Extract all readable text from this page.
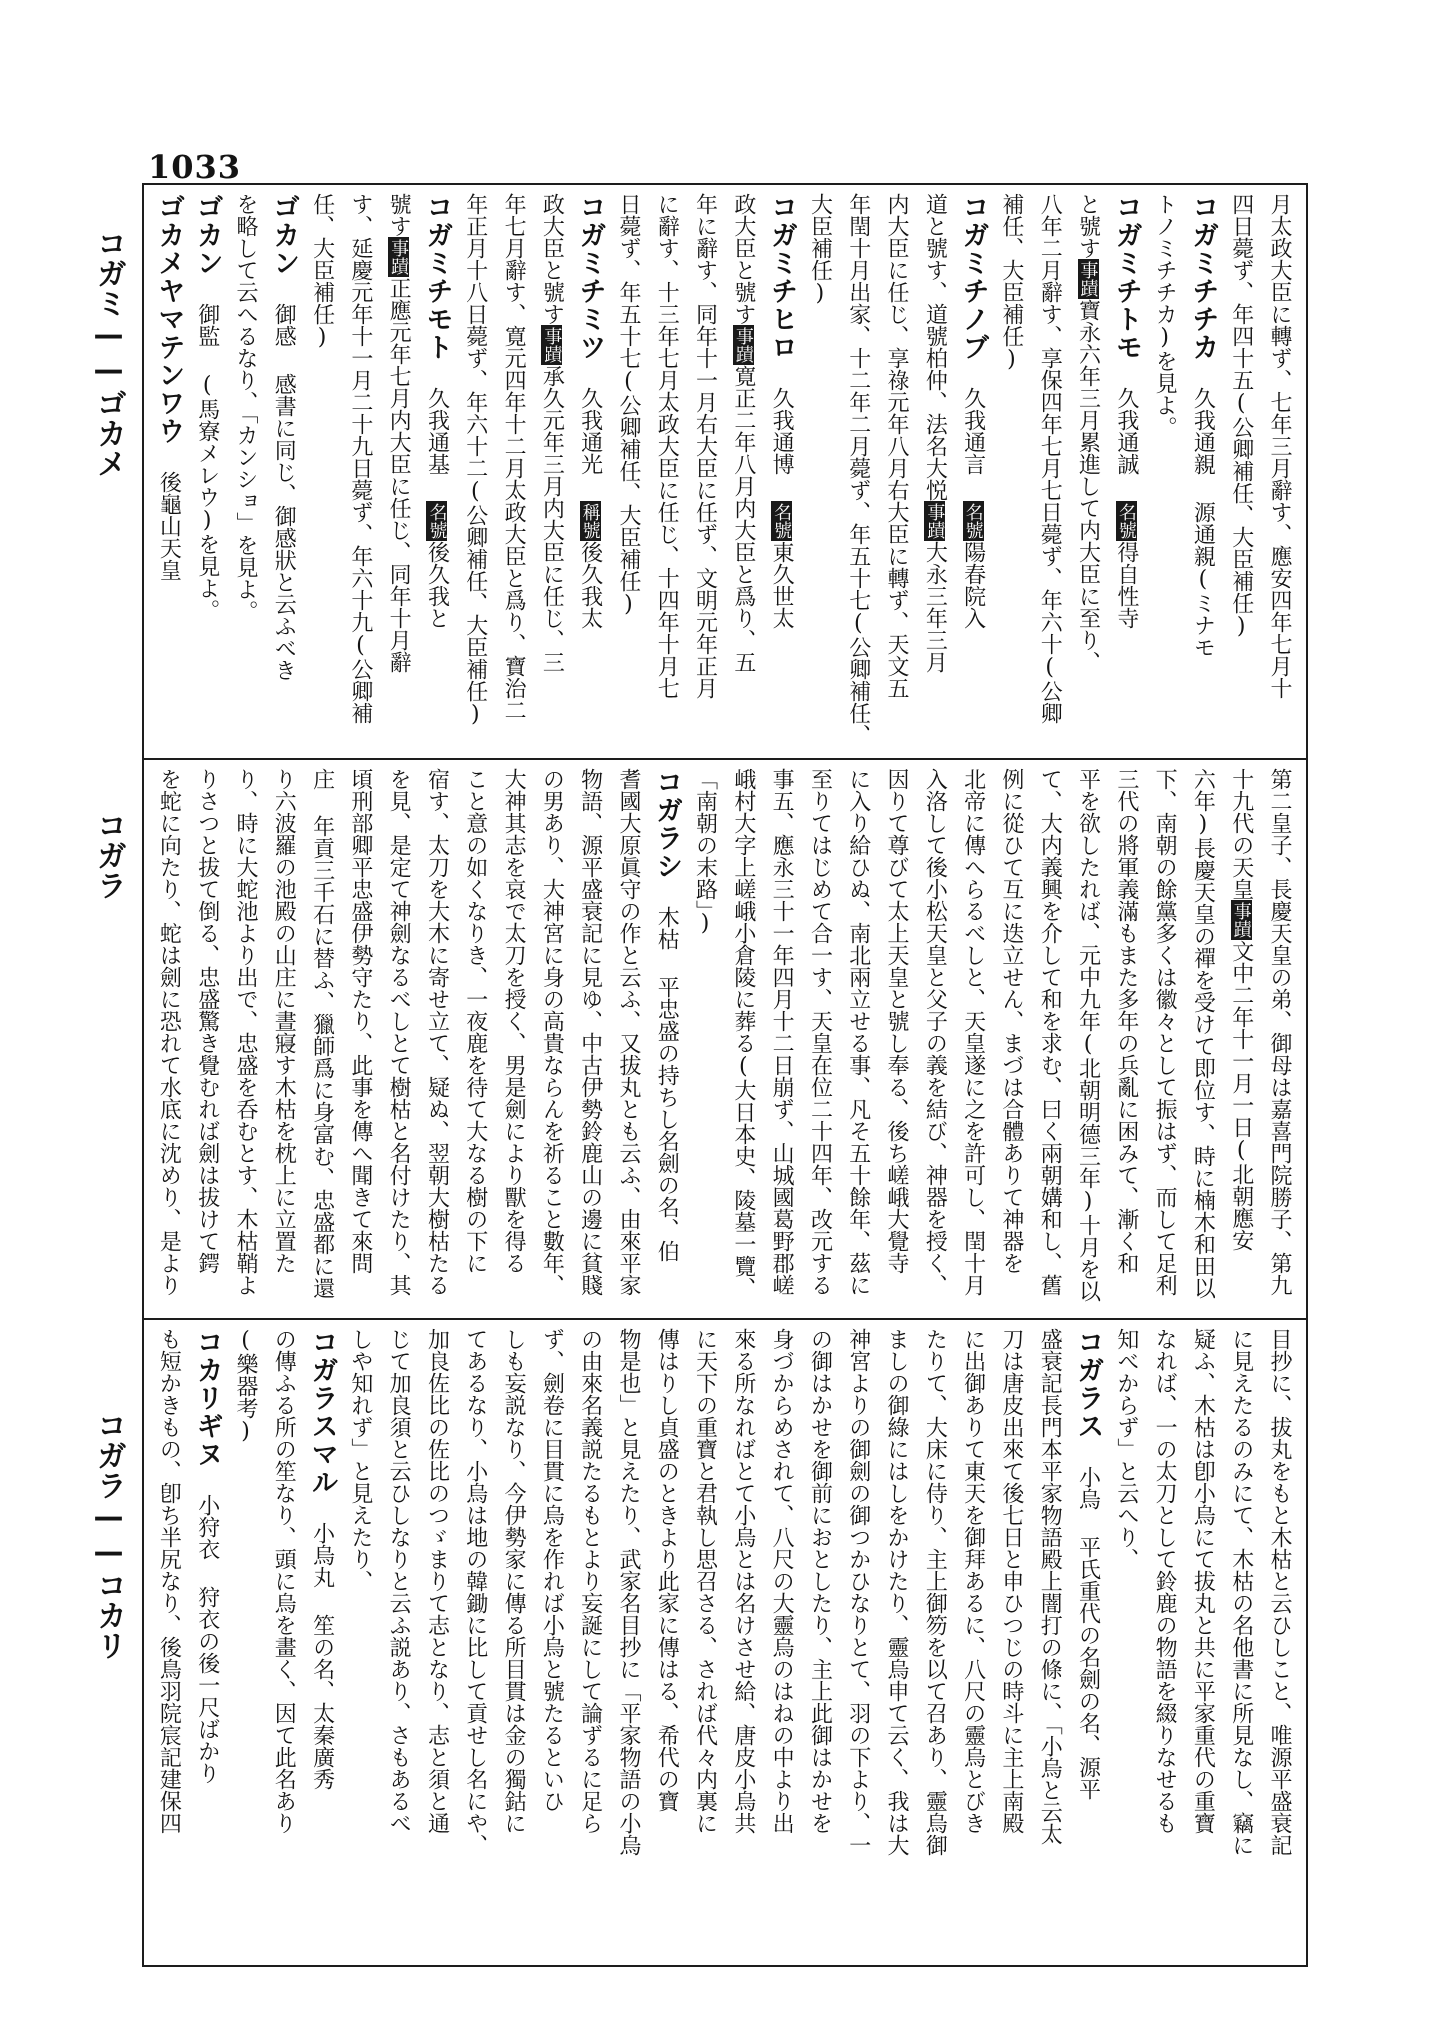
1033
コガミ——ゴカメ
コガラ
コガラ——コカリ
月太政大臣に轉ず、七年三月辭す、應安四年七月十
四日薨ず、年四十五(公卿補任、大臣補任)
コガミチチカ久我通親源通親(ミナモ
トノミチチカ)を見よ。
コガミチトモ久我通誠名號得自性寺
と號す事蹟寶永六年三月累進して内大臣に至り、
八年二月辭す、享保四年七月七日薨ず、年六十(公卿
補任、大臣補任)
コガミチノブ久我通言名號陽春院入
道と號す、道號柏仲、法名大悦事蹟大永三年三月
内大臣に任じ、享祿元年八月右大臣に轉ず、天文五
年閏十月出家、十二年二月薨ず、年五十七(公卿補任、
大臣補任)
コガミチヒロ久我通博名號東久世太
政大臣と號す事蹟寛正二年八月内大臣と爲り、五
年に辭す、同年十一月右大臣に任ず、文明元年正月
に辭す、十三年七月太政大臣に任じ、十四年十月七
日薨ず、年五十七(公卿補任、大臣補任)
コガミチミツ久我通光稱號後久我太
政大臣と號す事蹟承久元年三月内大臣に任じ、三
年七月辭す、寛元四年十二月太政大臣と爲り、寶治二
年正月十八日薨ず、年六十二(公卿補任、大臣補任)
コガミチモト久我通基名號後久我と
號す事蹟正應元年七月内大臣に任じ、同年十月辭
す、延慶元年十一月二十九日薨ず、年六十九(公卿補
任、大臣補任)
ゴカン御感感書に同じ、御感狀と云ふべき
を略して云へるなり、「カンショ」を見よ。
ゴカン御監(馬寮メレウ)を見よ。
ゴカメヤマテンワウ後龜山天皇
第二皇子、長慶天皇の弟、御母は嘉喜門院勝子、第九
十九代の天皇事蹟文中二年十一月一日(北朝應安
六年)長慶天皇の禪を受けて即位す、時に楠木和田以
下、南朝の餘黨多くは徽々として振はず、而して足利
三代の將軍義滿もまた多年の兵亂に困みて、漸く和
平を欲したれば、元中九年(北朝明德三年)十月を以
て、大内義興を介して和を求む、曰く兩朝媾和し、舊
例に從ひて互に迭立せん、まづは合體ありて神器を
北帝に傳へらるべしと、天皇遂に之を許可し、閏十月
入洛して後小松天皇と父子の義を結び、神器を授く、
因りて尊びて太上天皇と號し奉る、後ち嵯峨大覺寺
に入り給ひぬ、南北兩立せる事、凡そ五十餘年、茲に
至りてはじめて合一す、天皇在位二十四年、改元する
事五、應永三十一年四月十二日崩ず、山城國葛野郡嵯
峨村大字上嵯峨小倉陵に葬る(大日本史、陵墓一覽、
「南朝の末路」)
コガラシ木枯平忠盛の持ちし名劍の名、伯
耆國大原眞守の作と云ふ、又拔丸とも云ふ、由來平家
物語、源平盛衰記に見ゆ、中古伊勢鈴鹿山の邊に貧賤
の男あり、大神宮に身の高貴ならんを祈ること數年、
大神其志を哀で太刀を授く、男是劍により獸を得る
こと意の如くなりき、一夜鹿を待て大なる樹の下に
宿す、太刀を大木に寄せ立て、疑ぬ、翌朝大樹枯たる
を見、是定て神劍なるべしとて樹枯と名付けたり、其
頃刑部卿平忠盛伊勢守たり、此事を傳へ聞きて來問
庄 年貢三千石に替ふ、獵師爲に身富む、忠盛都に還
り六波羅の池殿の山庄に晝寢す木枯を枕上に立置た
り、時に大蛇池より出で、忠盛を呑むとす、木枯鞘よ
りさつと拔て倒る、忠盛驚き覺むれば劍は拔けて鍔
を蛇に向たり、蛇は劍に恐れて水底に沈めり、是より
目抄に、拔丸をもと木枯と云ひしこと、唯源平盛衰記
に見えたるのみにて、木枯の名他書に所見なし、竊に
疑ふ、木枯は卽小烏にて拔丸と共に平家重代の重寶
なれば、一の太刀として鈴鹿の物語を綴りなせるも
知べからず」と云へり、
コガラス小烏平氏重代の名劍の名、源平
盛衰記長門本平家物語殿上闇打の條に、「小烏と云太
刀は唐皮出來て後七日と申ひつじの時斗に主上南殿
に出御ありて東天を御拜あるに、八尺の靈烏とびき
たりて、大床に侍り、主上御笏を以て召あり、靈烏御
ましの御綠にはしをかけたり、靈烏申て云く、我は大
神宮よりの御劍の御つかひなりとて、羽の下より、一
の御はかせを御前におとしたり、主上此御はかせを
身づからめされて、八尺の大靈烏のはねの中より出
來る所なればとて小烏とは名けさせ給、唐皮小烏共
に天下の重寶と君執し思召さる、されば代々内裏に
傳はりし貞盛のときより此家に傳はる、希代の寶
物是也」と見えたり、武家名目抄に「平家物語の小烏
の由來名義説たるもとより妄誕にして論ずるに足ら
ず、劍卷に目貫に烏を作れば小烏と號たるといひ
しも妄説なり、今伊勢家に傳る所目貫は金の獨鈷に
てあるなり、小烏は地の韓鋤に比して貢せし名にや、
加良佐比の佐比のつゞまりて志となり、志と須と通
じて加良須と云ひしなりと云ふ説あり、さもあるべ
しや知れず」と見えたり、
コガラスマル小烏丸笙の名、太秦廣秀
の傳ふる所の笙なり、頭に烏を畫く、因て此名あり
(樂器考)
コカリギヌ小狩衣狩衣の後一尺ばかり
も短かきもの、卽ち半尻なり、後鳥羽院宸記建保四
